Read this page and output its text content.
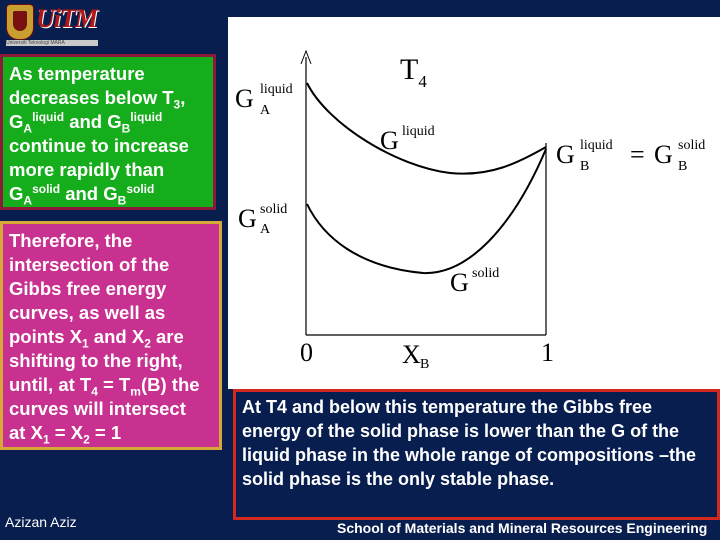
UiTM
Universiti Teknologi MARA
As temperature
decreases below $T_3$,
$G_A^{liquid}$ and $G_B^{liquid}$
continue to increase
more rapidly than
$G_A^{solid}$ and $G_B^{solid}$
Therefore, the
intersection of the
Gibbs free energy
curves, as well as
points $X_1$ and $X_2$ are
shifting to the right,
until, at $T_4 = T_m(B)$ the
curves will intersect
at $X_1 = X_2 = 1$
$T_4$
G liquid
A
G solid
A
G liquid
G solid
G liquid
B = G solid
B
0	X B	1
At T4 and below this temperature the Gibbs free energy of the solid phase is lower than the G of the liquid phase in the whole range of compositions –the solid phase is the only stable phase.
Azizan Aziz	School of Materials and Mineral Resources Engineering
